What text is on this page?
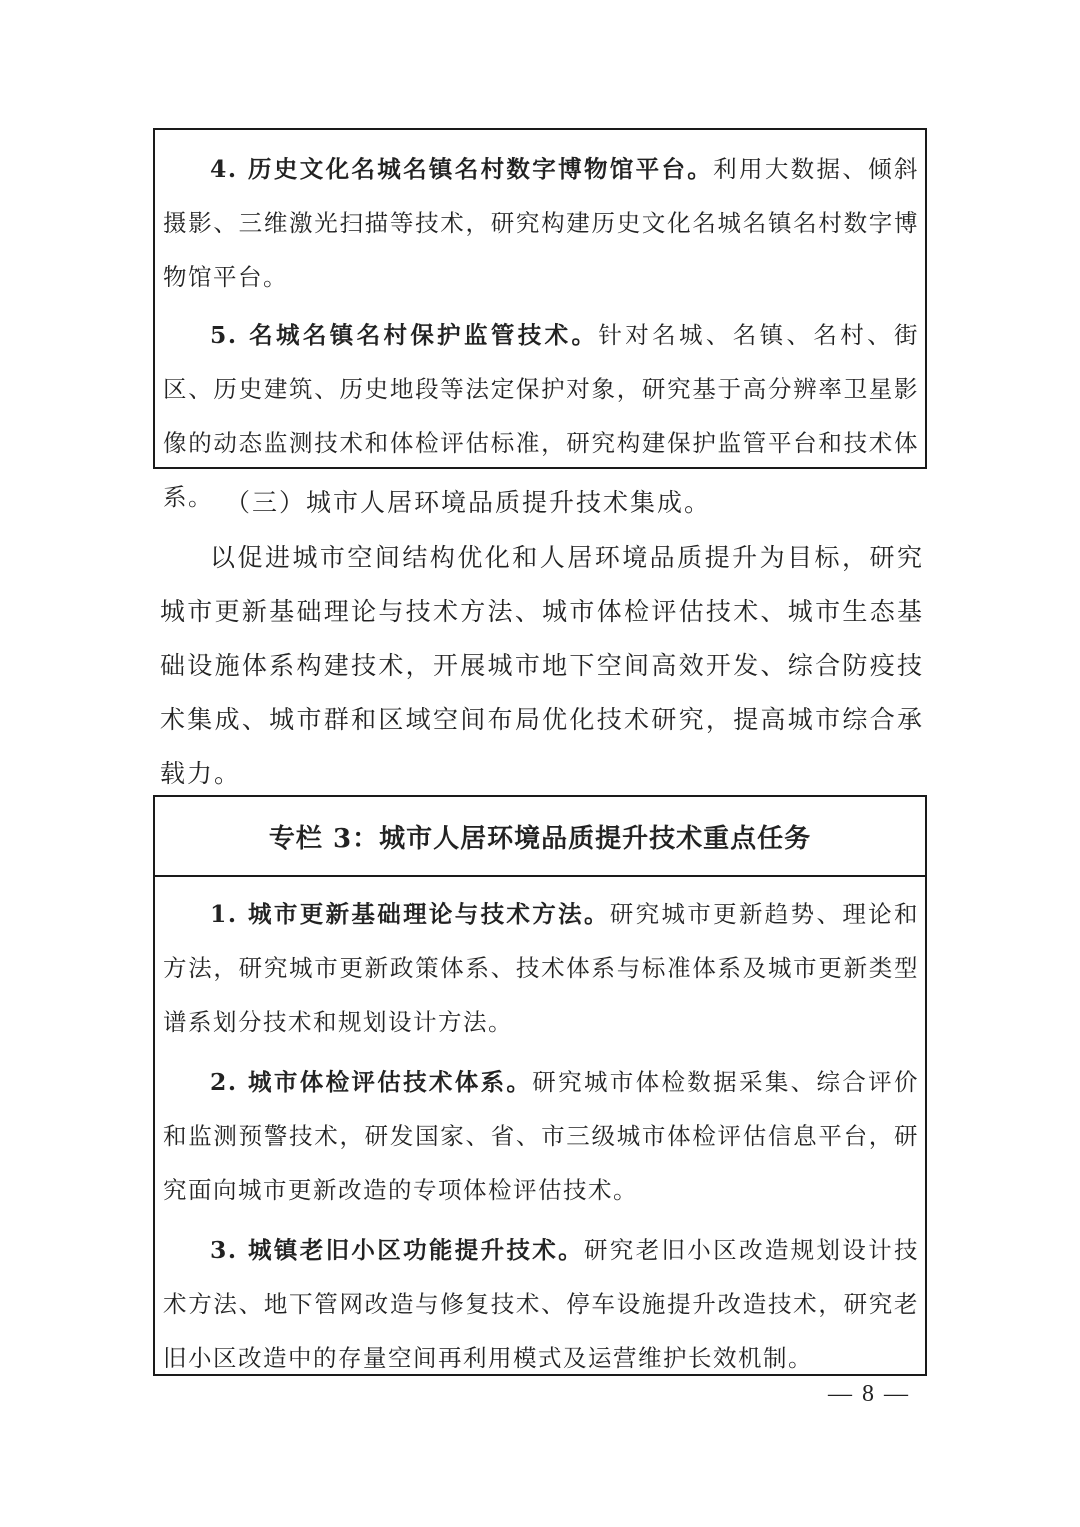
4. 历史文化名城名镇名村数字博物馆平台。利用大数据、倾斜摄影、三维激光扫描等技术，研究构建历史文化名城名镇名村数字博物馆平台。

5. 名城名镇名村保护监管技术。针对名城、名镇、名村、街区、历史建筑、历史地段等法定保护对象，研究基于高分辨率卫星影像的动态监测技术和体检评估标准，研究构建保护监管平台和技术体系。 （三）城市人居环境品质提升技术集成。

以促进城市空间结构优化和人居环境品质提升为目标，研究城市更新基础理论与技术方法、城市体检评估技术、城市生态基础设施体系构建技术，开展城市地下空间高效开发、综合防疫技术集成、城市群和区域空间布局优化技术研究，提高城市综合承载力。

专栏 3：城市人居环境品质提升技术重点任务

1. 城市更新基础理论与技术方法。研究城市更新趋势、理论和方法，研究城市更新政策体系、技术体系与标准体系及城市更新类型谱系划分技术和规划设计方法。

2. 城市体检评估技术体系。研究城市体检数据采集、综合评价和监测预警技术，研发国家、省、市三级城市体检评估信息平台，研究面向城市更新改造的专项体检评估技术。

3. 城镇老旧小区功能提升技术。研究老旧小区改造规划设计技术方法、地下管网改造与修复技术、停车设施提升改造技术，研究老旧小区改造中的存量空间再利用模式及运营维护长效机制。

— 8 —
